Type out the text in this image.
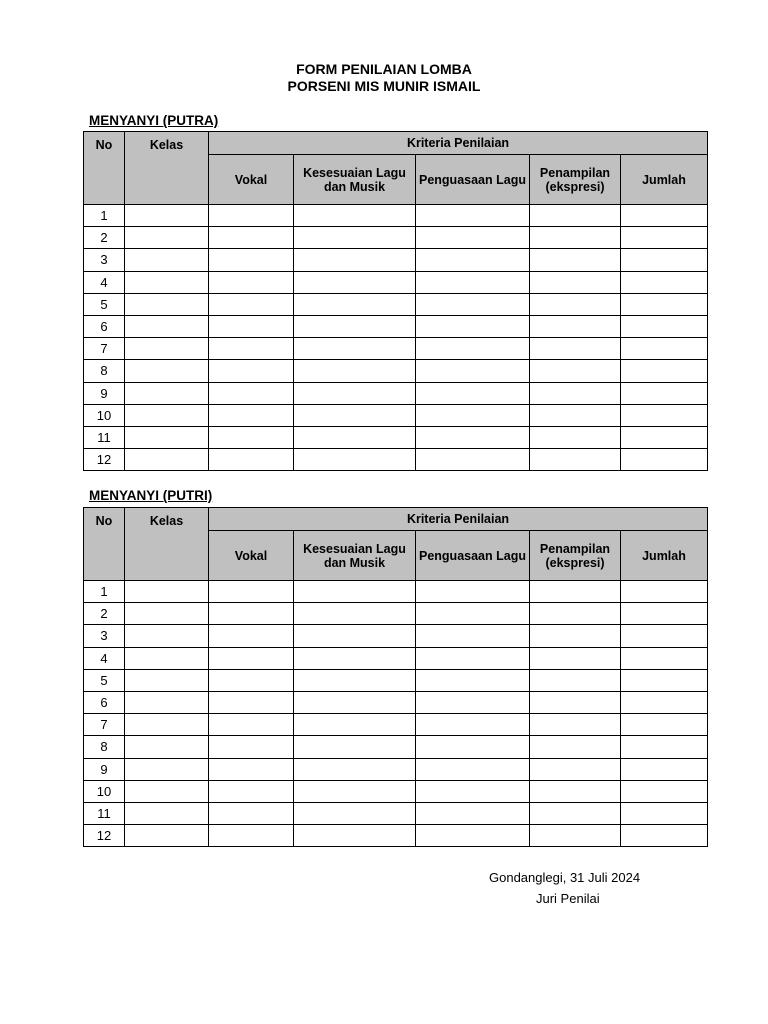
FORM PENILAIAN LOMBA
PORSENI MIS MUNIR ISMAIL
MENYANYI (PUTRA)
No	Kelas	Kriteria Penilaian				
		Vokal	Kesesuaian Lagu dan Musik	Penguasaan Lagu	Penampilan (ekspresi)	Jumlah
1						
2						
3						
4						
5						
6						
7						
8						
9						
10						
11						
12						
MENYANYI (PUTRI)
No	Kelas	Kriteria Penilaian				
		Vokal	Kesesuaian Lagu dan Musik	Penguasaan Lagu	Penampilan (ekspresi)	Jumlah
1						
2						
3						
4						
5						
6						
7						
8						
9						
10						
11						
12						
Gondanglegi, 31 Juli 2024
Juri Penilai
